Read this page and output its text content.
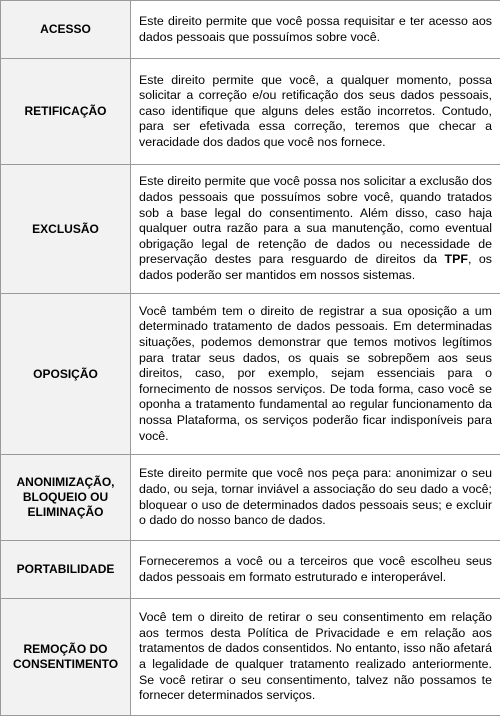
ACESSO	Este direito permite que você possa requisitar e ter acesso aos dados pessoais que possuímos sobre você.
RETIFICAÇÃO	Este direito permite que você, a qualquer momento, possa solicitar a correção e/ou retificação dos seus dados pessoais, caso identifique que alguns deles estão incorretos. Contudo, para ser efetivada essa correção, teremos que checar a veracidade dos dados que você nos fornece.
EXCLUSÃO	Este direito permite que você possa nos solicitar a exclusão dos dados pessoais que possuímos sobre você, quando tratados sob a base legal do consentimento. Além disso, caso haja qualquer outra razão para a sua manutenção, como eventual obrigação legal de retenção de dados ou necessidade de preservação destes para resguardo de direitos da TPF, os dados poderão ser mantidos em nossos sistemas.
OPOSIÇÃO	Você também tem o direito de registrar a sua oposição a um determinado tratamento de dados pessoais. Em determinadas situações, podemos demonstrar que temos motivos legítimos para tratar seus dados, os quais se sobrepõem aos seus direitos, caso, por exemplo, sejam essenciais para o fornecimento de nossos serviços. De toda forma, caso você se oponha a tratamento fundamental ao regular funcionamento da nossa Plataforma, os serviços poderão ficar indisponíveis para você.
ANONIMIZAÇÃO, BLOQUEIO OU ELIMINAÇÃO	Este direito permite que você nos peça para: anonimizar o seu dado, ou seja, tornar inviável a associação do seu dado a você; bloquear o uso de determinados dados pessoais seus; e excluir o dado do nosso banco de dados.
PORTABILIDADE	Forneceremos a você ou a terceiros que você escolheu seus dados pessoais em formato estruturado e interoperável.
REMOÇÃO DO CONSENTIMENTO	Você tem o direito de retirar o seu consentimento em relação aos termos desta Política de Privacidade e em relação aos tratamentos de dados consentidos. No entanto, isso não afetará a legalidade de qualquer tratamento realizado anteriormente. Se você retirar o seu consentimento, talvez não possamos te fornecer determinados serviços.
